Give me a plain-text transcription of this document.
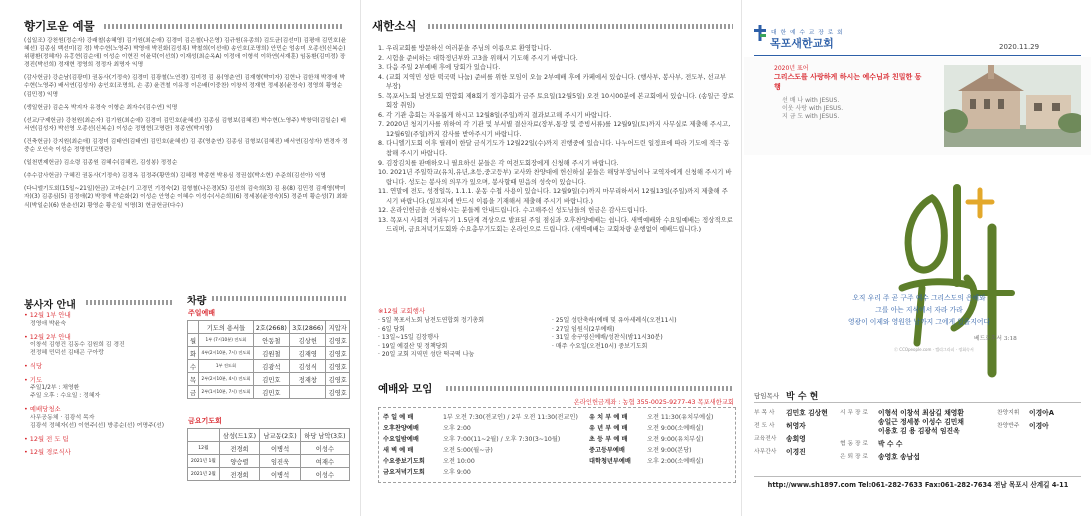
향기로운 예물
(십일조) 강천원(정순자) 강래철(송혜영) 김기원(최순애) 김경미 김은철(나은영) 김규원(유종희) 김도균(김선미) 김평애 김민호(윤혜선) 김종심 백선미(김 정) 박수현(노영주) 박영애 박진화(김성록) 박철희(이선애) 송인호(조명희) 안민순 엄송미 오종선(신복순) 위평환(정혜자) 유홍현(김순애) 이성순 이현진 이윤덕(이선희) 이재성(최순옥A) 이정애 이형석 이하연(서재훈) 임동환(김미정) 장경진(박선희) 정재현 정영희 정정자 최명자 익명
(감사헌금) 강순남(김광미) 권동사(기정숙) 김경미 김광철(노연경) 김미정 김 용(영춘연) 김재형(박미자) 김현나 김한채 박경애 박수현(노영주) 배서연(김성자) 송인호(조명희, 손 종) 윤견철 이유정 이은배(이중찬) 이창석 정재현 정세봉(윤정숙) 정영희 황영순(김민정) 익명
(생일헌금) 김순옥 박지자 유경숙 이형순 최자수(김수연) 익명
(선교/구제헌금) 강천원(최순자) 김기원(최순애) 김경미 김민호(윤혜선) 김종심 김형보(김혜진) 박수현(노영주) 박창덕(김일순) 배서연(김성자) 박선영 오종선(신복순) 이성순 정명현(고명란) 정종연(박지영)
(건축헌금) 강지원(최순애) 김경미 김태연(김태연) 김민호(윤혜선) 김 종(영춘연) 김종심 김형보(김혜진) 배서연(김성자) 변경자 정중순 오인숙 이성순 정명현(고명란)
(일천번제헌금) 김소령 김종원 김혜수(김혜진, 김성봉) 정정순
(추수감사헌금) 구혜진 권동사(기정숙) 김경옥 김정주(황만희) 김혜정 박종현 박용심 정권섭(박소현) 추준희(김선아) 익명
(다니엘기도회(15일~21일)헌금) 고마순(기 고경민 기정숙(2) 김형철(나은경)(5) 김선희 김숙희(3) 김 용(8) 김민정 김재영(박미자)(3) 김종심(5) 김정애(2) 박정애 박순화(2) 이성순 안영순 이혜수 이성수(서순희)(6) 정세봉(윤정숙)(5) 정준미 황순성(7) 최화식(박일순)(6) 한춘선(2) 황영순 황은일 익명(3) 현금헌금(다수)
봉사자 안내
• 12월 1부 안내
정영애 박윤숙
• 12월 2부 안내
이창석 김형건 김동수 김원희 김 경진
전정혜 민덕선 김태곤 구아랑
• 식당
• 기도
주일1/2부 : 채영환
주일 오후 : 수요일 : 정혜자
• 예배당청소
사무공동체 · 김광석 목자
김광석 정혜자(선) 이현주(선) 방종순(선) 여명주(선)
• 12월 전 도 팀
• 12월 경로식사
차량
주일예배
	기도의 용서들	2호(2668)	3호(2866)	지압자
월	1부 (7시10분) 전도회	안동철	김상헌	김영호
화	4부(2시10분, 7시) 전도회	김원철	김재영	김영호
수	1부 전도회	김광석	김성식	김영호
목	2부(2시10분, 4시) 전도회	김민호	정재창	김영호
금	2부(1시10분, 7시) 전도회	김민호		김영호
금요기도회
	삼성(드1호)	남교동(2호)	하당 남악(3호)
12월	전경희	이병석	이성수
2021년 1월	양승렬	임진욱	여재수
2021년 2월	전경희	이병석	이성수
새한소식
1. 우리교회를 방문하신 여러분을 주님의 이름으로 환영합니다.
2. 시험을 준비하는 대학정년부와 고3을 위해서 기도해 주시기 바랍니다.
3. 다음 주일 2부예배 후에 당회가 있습니다.
4. (교회 지역민 성탄 떡국떡 나눔) 준비를 위한 모임이 오늘 2부예배 후에 카페에서 있습니다. (행사부, 봉사부, 전도부, 선교부 부장)
5. 목포서노회 남전도회 연합회 제8회기 정기총회가 금주 토요일(12월5일) 오전 10시00분에 본교회에서 있습니다. (송일근 장로 회장 취임)
6. 각 기관 총회는 자유롭게 하시고 12월8일(주일)까지 결과보고해 주시기 바랍니다.
7. 2020년 청지기사를 위하여 각 기관 및 부서별 결산자료(장부,통장 및 증빙서류)를 12월9일(토)까지 사무실로 제출해 주시고, 12월6일(주일)까지 감사를 받아주시기 바랍니다.
8. 다니엘기도회 이후 릴레이 한달 금식기도가 12월22일(수)까지 진행중에 있습니다. 나누어드린 일정표에 따라 기도에 적극 동참해 주시기 바랍니다.
9. 김장김치를 판매하오니 필요하신 분들은 각 여전도회장에게 신청해 주시기 바랍니다.
10. 2021년 주일학교(유치,유년,초등,중고등부) 교사와 찬양대에 헌신하실 분들은 해당부장님이나 교역자에게 신청해 주시기 바랍니다. 성도는 봉사의 의무가 있으며, 봉사할때 믿음의 성숙이 있습니다.
11. 연말에 전도, 성경일독, 1.1.1. 운동 수첩 사용이 있습니다. 12월9일(수)까지 마무리하셔서 12월13일(주일)까지 제출해 주시기 바랍니다.(일프지에 반드시 이름을 기재해서 제출해 주시기 바랍니다.)
12. 온라인헌금을 신청하시는 분들께 안내드립니다. 수고해주신 성도님들의 헌금은 감사드립니다.
13. 목포시 사회적 거리두기 1.5단계 격상으로 발표된 주일 점심과 오후찬양예배는 쉽니다. 새벽예배와 수요일예배는 정상적으로 드리며, 금요저녁기도회와 수요총무기도회는 온라인으로 드립니다. (새벽예배는 교회차량 운행없이 예배드립니다.)
※12월 교회행사
· 5일 목포서노회 남전도연합회 정기총회
· 6일 당회
· 13일~15일 김장행사
· 19일 예결산 및 정책당회
· 20일 교회 지역민 성탄 떡국떡 나눔
· 25일 성탄축하(예배 및 유아세례식(오전11시)
· 27일 임원식(2부예배)
· 31일 송구영신예배/성찬식(밤11시30분)
· 매주 수요일(오전10시) 중보기도회
예배와 모임
온라인헌금계좌 : 농협 355-0025-9277-43 목포새한교회
주 일 예 배	1부 오전 7:30(전교인) / 2부 오전 11:30(전교인)
오후찬양예배	오후 2:00
수요일밤예배	오후 7:00(11~2월) / 오후 7:30(3~10월)
새 벽 예 배	오전 5:00(월~금)
수요중보기도회	오전 10:00
금요저녁기도회	오후 9:00
유 치 부 예 배	오전 11:30(유치부예실)
유 년 부 예 배	오전 9:00(소예배실)
초 등 부 예 배	오전 9:00(유치부실)
중고등부예배	오전 9:00(본당)
대학청년부예배	오후 2:00(소예배실)
대 한 예 수 교 장 로 회
목포새한교회	2020.11.29
2020년 표어
그리스도를 사랑하게 하시는 예수님과 친밀한 동행
선 배 나 with JESUS.
이웃 사랑 with JESUS.
지 금 도 with JESUS.
오직 우리 주 곧 구주 예수 그리스도의 은혜와
그를 아는 지식에서 자라 가라
영광이 이제와 영원한 날까지 그에게 있을지어다
베드로후서 3:18
Ⓒ CCOpeople.com · 캘리그라피 · 정회숙서
담임목사 박 수 현
부 목 사	김민호 김상현
전 도 사	허영자
교육전사	송회영
사무간사	이경진
시 무 장 로	이형석 이창석 최삼길 채영환
송일근 정세봉 이성수 김민채
이용호 김 용 김광석 임진옥
협 동 장 로	박 수 수
은 퇴 장 로	송영호 송남섭
찬양지휘	이경아A
찬양반주	이경아
http://www.sh1897.com Tel:061-282-7633 Fax:061-282-7634 전남 목포시 산계길 4-11
